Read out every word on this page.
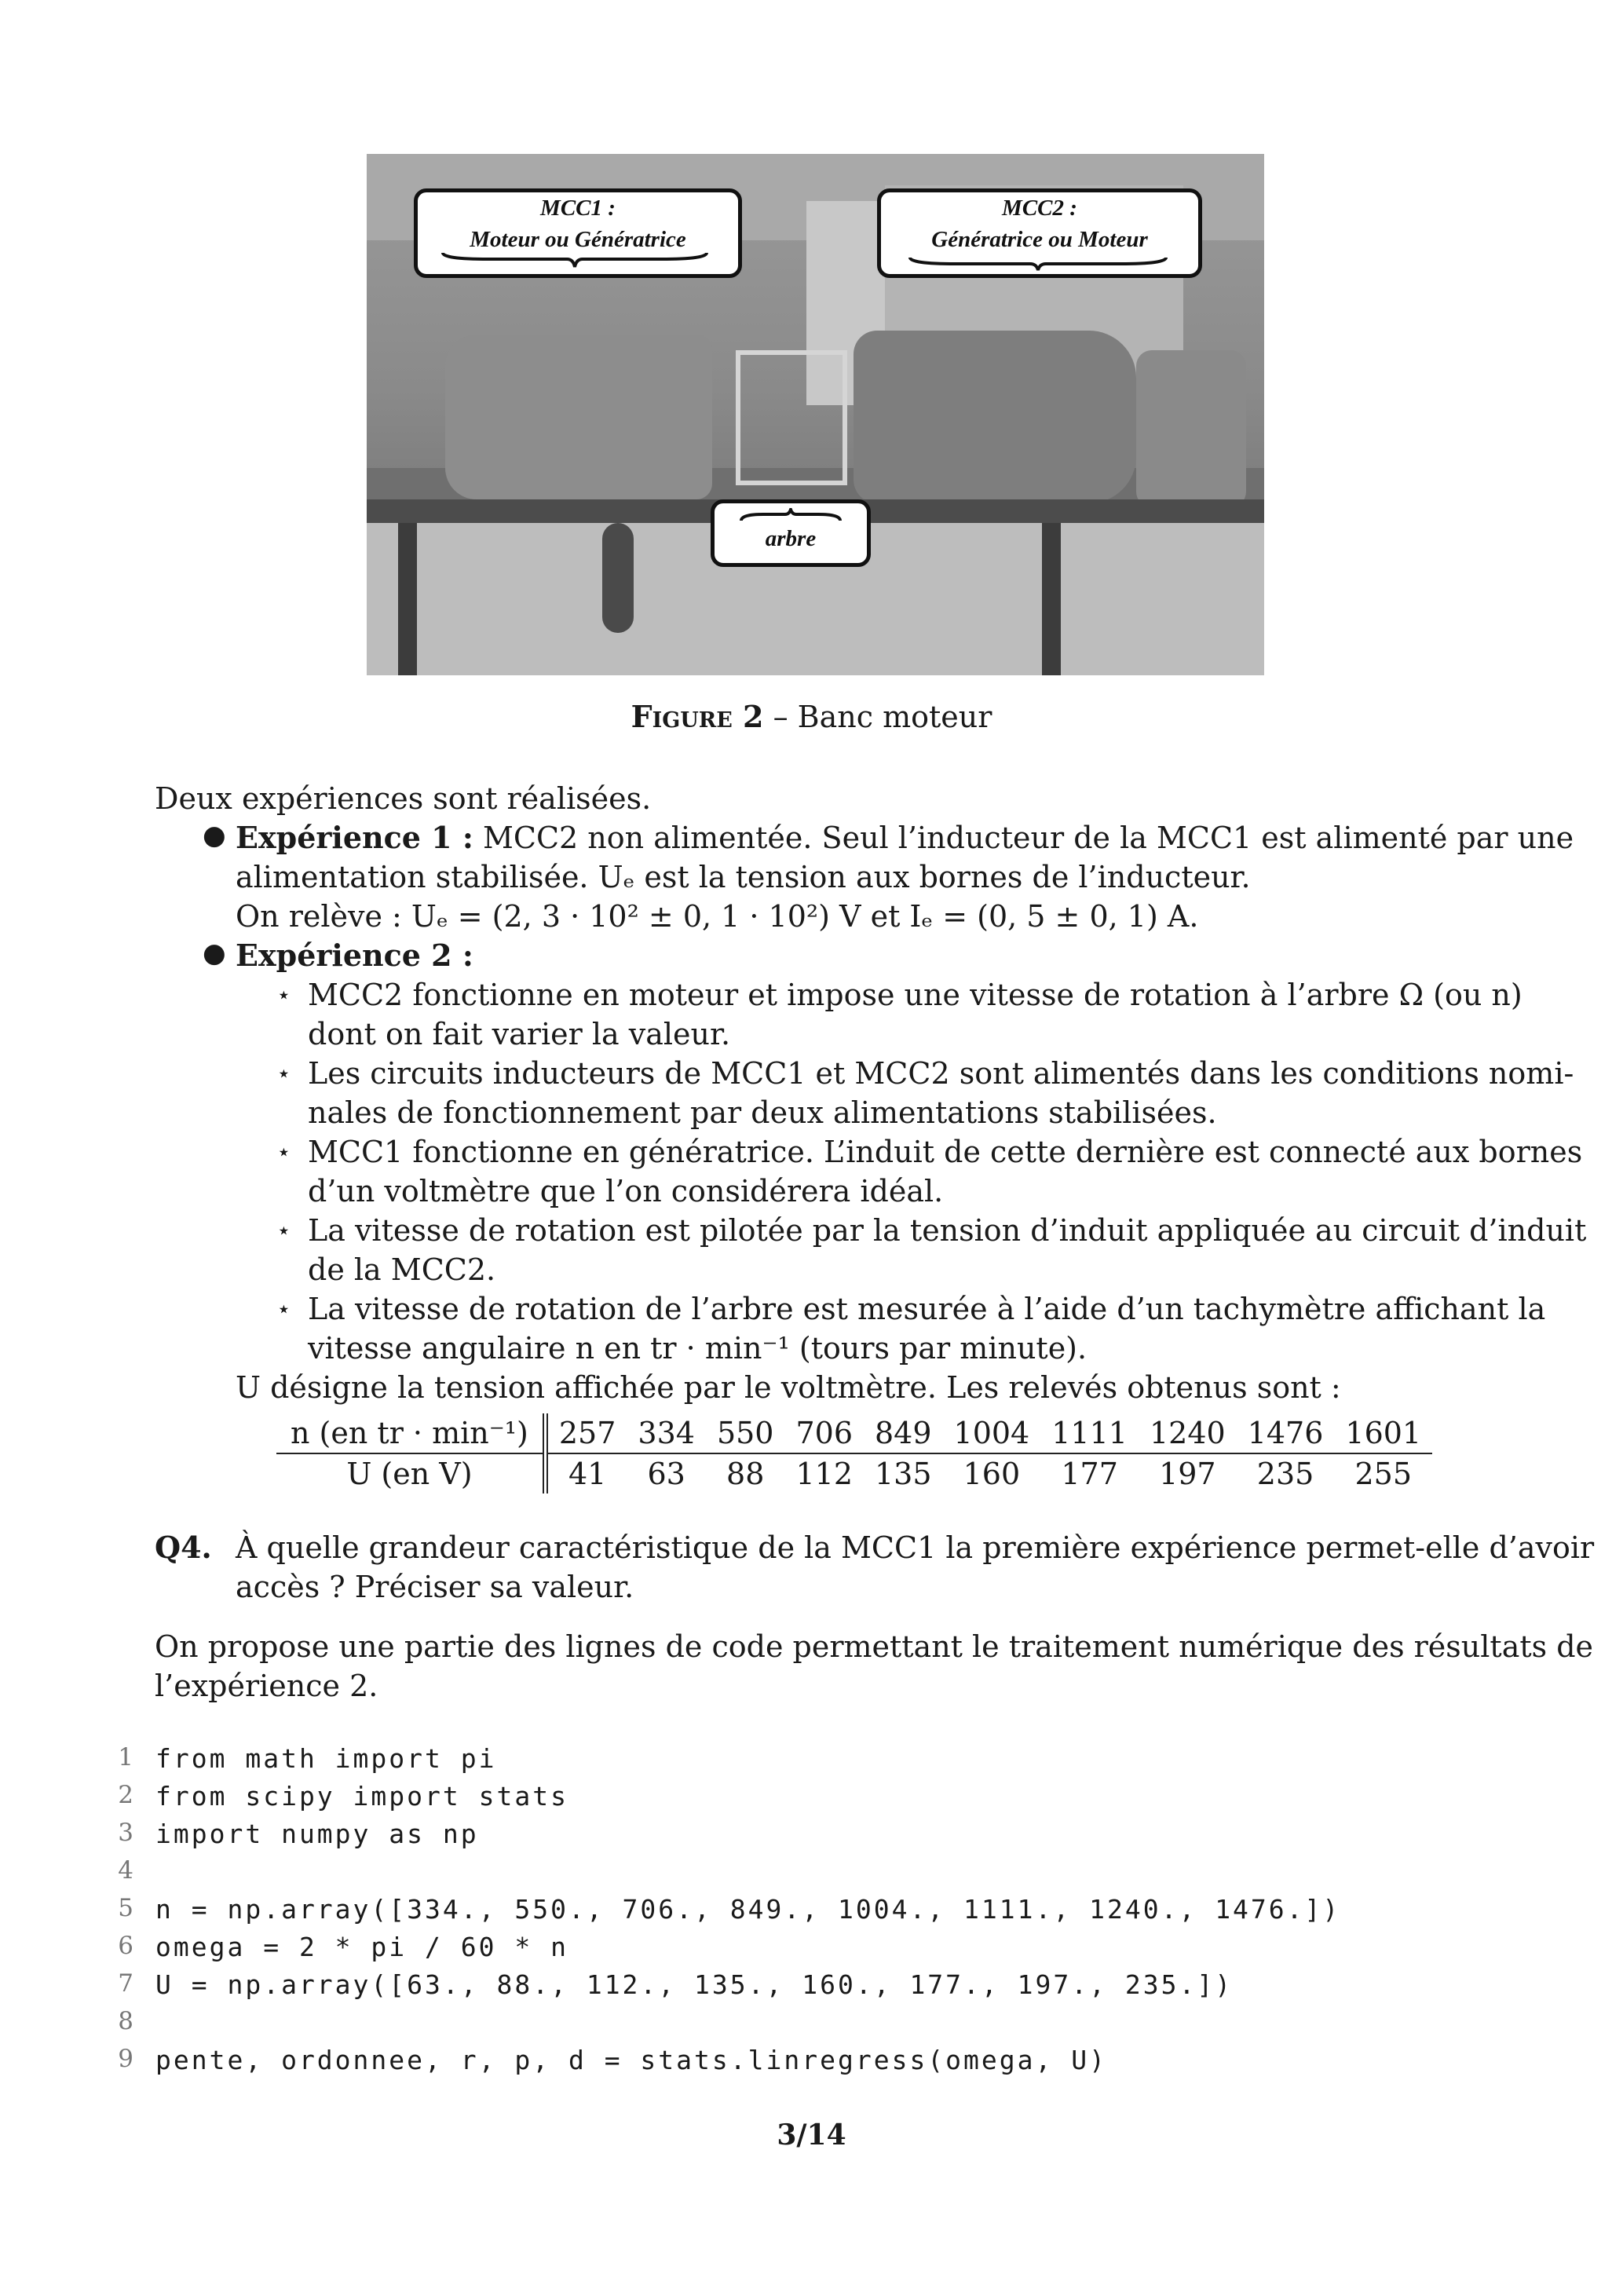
MCC1 :
Moteur ou Génératrice
MCC2 :
Génératrice ou Moteur
arbre
Figure 2 – Banc moteur
Deux expériences sont réalisées.
● Expérience 1 : MCC2 non alimentée. Seul l’inducteur de la MCC1 est alimenté par une
alimentation stabilisée. Uₑ est la tension aux bornes de l’inducteur.
On relève : Uₑ = (2, 3 · 10² ± 0, 1 · 10²) V et Iₑ = (0, 5 ± 0, 1) A.
● Expérience 2 :
⋆ MCC2 fonctionne en moteur et impose une vitesse de rotation à l’arbre Ω (ou n)
dont on fait varier la valeur.
⋆ Les circuits inducteurs de MCC1 et MCC2 sont alimentés dans les conditions nomi-
nales de fonctionnement par deux alimentations stabilisées.
⋆ MCC1 fonctionne en génératrice. L’induit de cette dernière est connecté aux bornes
d’un voltmètre que l’on considérera idéal.
⋆ La vitesse de rotation est pilotée par la tension d’induit appliquée au circuit d’induit
de la MCC2.
⋆ La vitesse de rotation de l’arbre est mesurée à l’aide d’un tachymètre affichant la
vitesse angulaire n en tr · min⁻¹ (tours par minute).
U désigne la tension affichée par le voltmètre. Les relevés obtenus sont :
n (en tr · min⁻¹)	257	334	550	706	849	1004	1111	1240	1476	1601
U (en V)	41	63	88	112	135	160	177	197	235	255
Q4. À quelle grandeur caractéristique de la MCC1 la première expérience permet-elle d’avoir
accès ? Préciser sa valeur.
On propose une partie des lignes de code permettant le traitement numérique des résultats de
l’expérience 2.
1 from math import pi
2 from scipy import stats
3 import numpy as np
4
5 n = np.array([334., 550., 706., 849., 1004., 1111., 1240., 1476.])
6 omega = 2 * pi / 60 * n
7 U = np.array([63., 88., 112., 135., 160., 177., 197., 235.])
8
9 pente, ordonnee, r, p, d = stats.linregress(omega, U)
3/14
